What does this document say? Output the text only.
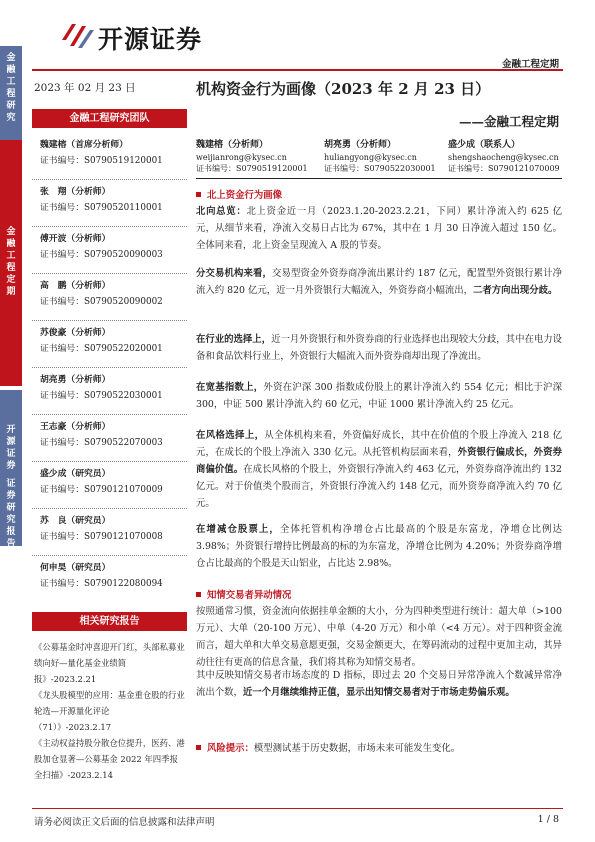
开源证券
金融工程定期
金
融
工
程
研
究
金
融
工
程
定
期
开
源
证
券
证
券
研
究
报
告
2023 年 02 月 23 日	机构资金行为画像（2023 年 2 月 23 日）
——金融工程定期
金融工程研究团队
魏建榕（首席分析师）
证书编号：S0790519120001
张　翔（分析师）
证书编号：S0790520110001
傅开波（分析师）
证书编号：S0790520090003
高　鹏（分析师）
证书编号：S0790520090002
苏俊豪（分析师）
证书编号：S0790522020001
胡亮勇（分析师）
证书编号：S0790522030001
王志豪（分析师）
证书编号：S0790522070003
盛少成（研究员）
证书编号：S0790121070009
苏　良（研究员）
证书编号：S0790121070008
何申昊（研究员）
证书编号：S0790122080094
魏建榕（分析师）
weijianrong@kysec.cn
证书编号：S0790519120001
胡亮勇（分析师）
huliangyong@kysec.cn
证书编号：S0790522030001
盛少成（联系人）
shengshaocheng@kysec.cn
证书编号：S0790121070009
北上资金行为画像
北向总览：北上资金近一月（2023.1.20-2023.2.21，下同）累计净流入约 625 亿元，从细节来看，净流入交易日占比为 67%，其中在 1 月 30 日净流入超过 150 亿。全体同来看，北上资金呈现流入 A 股的节奏。
分交易机构来看，交易型资金外资券商净流出累计约 187 亿元，配置型外资银行累计净流入约 820 亿元，近一月外资银行大幅流入，外资券商小幅流出，二者方向出现分歧。
在行业的选择上，近一月外资银行和外资券商的行业选择也出现较大分歧，其中在电力设备和食品饮料行业上，外资银行大幅流入而外资券商却出现了净流出。
在宽基指数上，外资在沪深 300 指数成份股上的累计净流入约 554 亿元；相比于沪深 300，中证 500 累计净流入约 60 亿元，中证 1000 累计净流入约 25 亿元。
在风格选择上，从全体机构来看，外资偏好成长，其中在价值的个股上净流入 218 亿元，在成长的个股上净流入 330 亿元。从托管机构层面来看，外资银行偏成长，外资券商偏价值。在成长风格的个股上，外资银行净流入约 463 亿元，外资券商净流出约 132 亿元。对于价值类个股而言，外资银行净流入约 148 亿元，而外资券商净流入约 70 亿元。
在增减仓股票上，全体托管机构净增仓占比最高的个股是东富龙，净增仓比例达 3.98%；外资银行增持比例最高的标的为东富龙，净增仓比例为 4.20%；外资券商净增仓占比最高的个股是天山铝业，占比达 2.98%。
知情交易者异动情况
按照通常习惯，资金流向依据挂单金额的大小，分为四种类型进行统计：超大单（>100 万元）、大单（20-100 万元）、中单（4-20 万元）和小单（<4 万元）。对于四种资金流而言，超大单和大单交易意愿更强，交易金额更大，在筹码流动的过程中更加主动，其异动往往有更高的信息含量，我们将其称为知情交易者。
其中反映知情交易者市场态度的 D 指标，即过去 20 个交易日异常净流入个数减异常净流出个数，近一个月继续维持正值，显示出知情交易者对于市场走势偏乐观。
相关研究报告
《公募基金时冲喜迎开门红，头部私募业绩向好—量化基金业绩简报》-2023.2.21
《龙头股模型的应用：基金重仓股的行业轮选—开源量化评论（71）》-2023.2.17
《主动权益持股分散仓位提升，医药、港股加仓显著—公募基金 2022 年四季报全扫描》-2023.2.14
风险提示：模型测试基于历史数据，市场未来可能发生变化。
请务必阅读正文后面的信息披露和法律声明	1 / 8
